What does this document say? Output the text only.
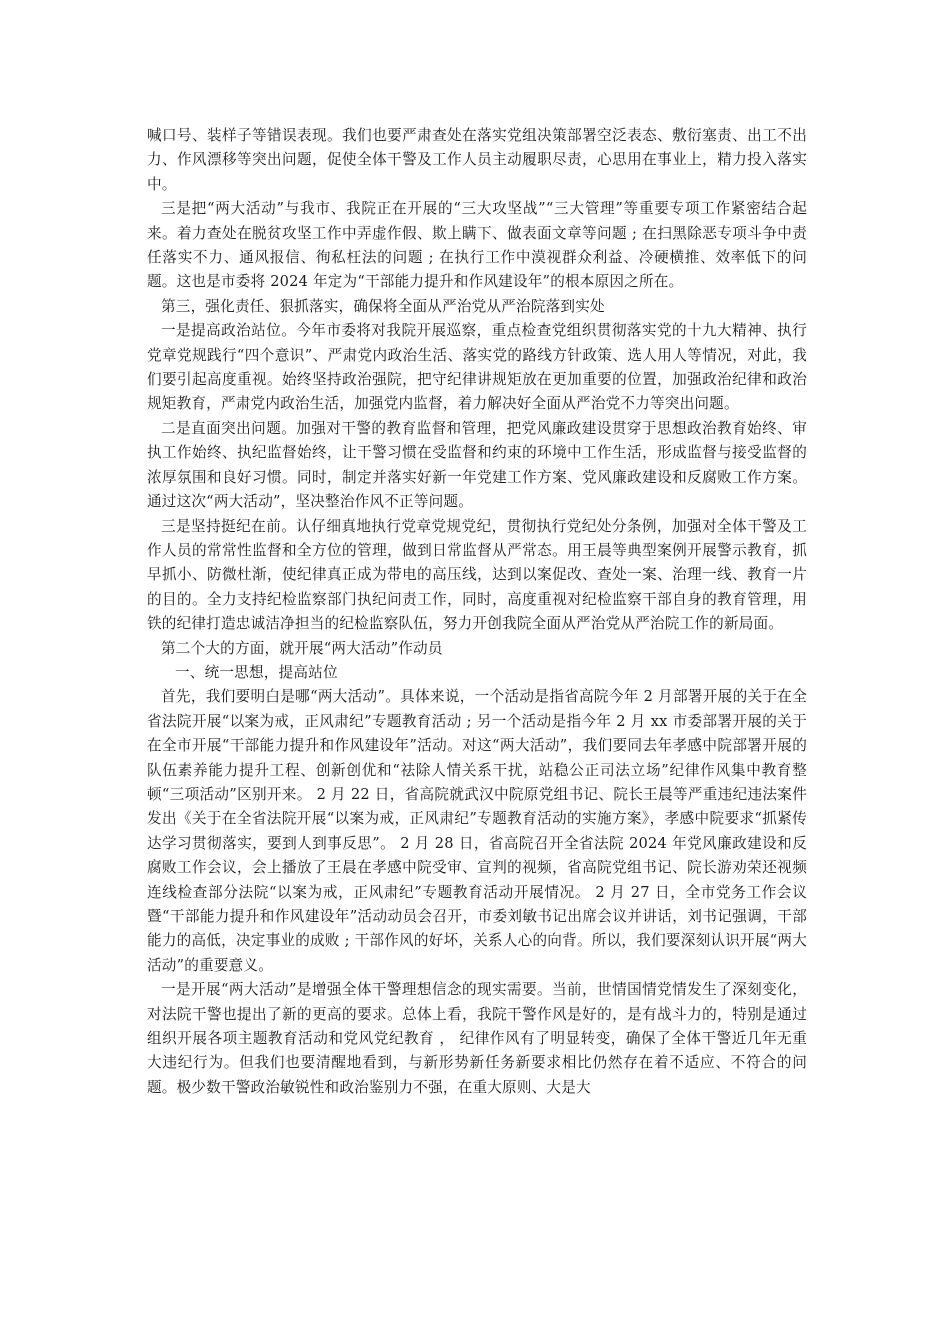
喊口号、装样子等错误表现。我们也要严肃查处在落实党组决策部署空泛表态、敷衍塞责、出工不出力、作风漂移等突出问题，促使全体干警及工作人员主动履职尽责，心思用在事业上，精力投入落实中。

三是把“两大活动”与我市、我院正在开展的“三大攻坚战”“三大管理”等重要专项工作紧密结合起来。着力查处在脱贫攻坚工作中弄虚作假、欺上瞒下、做表面文章等问题 ; 在扫黑除恶专项斗争中责任落实不力、通风报信、徇私枉法的问题 ; 在执行工作中漠视群众利益、冷硬横推、效率低下的问题。这也是市委将 2024 年定为“干部能力提升和作风建设年”的根本原因之所在。

第三，强化责任、狠抓落实，确保将全面从严治党从严治院落到实处

一是提高政治站位。今年市委将对我院开展巡察，重点检查党组织贯彻落实党的十九大精神、执行党章党规践行“四个意识”、严肃党内政治生活、落实党的路线方针政策、选人用人等情况，对此，我们要引起高度重视。始终坚持政治强院，把守纪律讲规矩放在更加重要的位置，加强政治纪律和政治规矩教育，严肃党内政治生活，加强党内监督，着力解决好全面从严治党不力等突出问题。

二是直面突出问题。加强对干警的教育监督和管理，把党风廉政建设贯穿于思想政治教育始终、审执工作始终、执纪监督始终，让干警习惯在受监督和约束的环境中工作生活，形成监督与接受监督的浓厚氛围和良好习惯。同时，制定并落实好新一年党建工作方案、党风廉政建设和反腐败工作方案。通过这次“两大活动”，坚决整治作风不正等问题。

三是坚持挺纪在前。认仔细真地执行党章党规党纪，贯彻执行党纪处分条例，加强对全体干警及工作人员的常常性监督和全方位的管理，做到日常监督从严常态。用王晨等典型案例开展警示教育，抓早抓小、防微杜渐，使纪律真正成为带电的高压线，达到以案促改、查处一案、治理一线、教育一片的目的。全力支持纪检监察部门执纪问责工作，同时，高度重视对纪检监察干部自身的教育管理，用铁的纪律打造忠诚洁净担当的纪检监察队伍，努力开创我院全面从严治党从严治院工作的新局面。

第二个大的方面，就开展“两大活动”作动员

一、统一思想，提高站位

首先，我们要明白是哪“两大活动”。具体来说，一个活动是指省高院今年 2 月部署开展的关于在全省法院开展“以案为戒，正风肃纪”专题教育活动 ; 另一个活动是指今年 2 月 xx 市委部署开展的关于在全市开展“干部能力提升和作风建设年”活动。对这“两大活动”，我们要同去年孝感中院部署开展的队伍素养能力提升工程、创新创优和“祛除人情关系干扰，站稳公正司法立场”纪律作风集中教育整顿“三项活动”区别开来。 2 月 22 日，省高院就武汉中院原党组书记、院长王晨等严重违纪违法案件发出《关于在全省法院开展“以案为戒，正风肃纪”专题教育活动的实施方案》，孝感中院要求“抓紧传达学习贯彻落实，要到人到事反思”。 2 月 28 日，省高院召开全省法院 2024 年党风廉政建设和反腐败工作会议，会上播放了王晨在孝感中院受审、宣判的视频，省高院党组书记、院长游劝荣还视频连线检查部分法院“以案为戒，正风肃纪”专题教育活动开展情况。 2 月 27 日，全市党务工作会议暨“干部能力提升和作风建设年”活动动员会召开，市委刘敏书记出席会议并讲话，刘书记强调，干部能力的高低，决定事业的成败 ; 干部作风的好坏，关系人心的向背。所以，我们要深刻认识开展“两大活动”的重要意义。

一是开展“两大活动”是增强全体干警理想信念的现实需要。当前，世情国情党情发生了深刻变化，对法院干警也提出了新的更高的要求。总体上看，我院干警作风是好的，是有战斗力的，特别是通过组织开展各项主题教育活动和党风党纪教育 ， 纪律作风有了明显转变，确保了全体干警近几年无重大违纪行为。但我们也要清醒地看到，与新形势新任务新要求相比仍然存在着不适应、不符合的问题。极少数干警政治敏锐性和政治鉴别力不强，在重大原则、大是大
